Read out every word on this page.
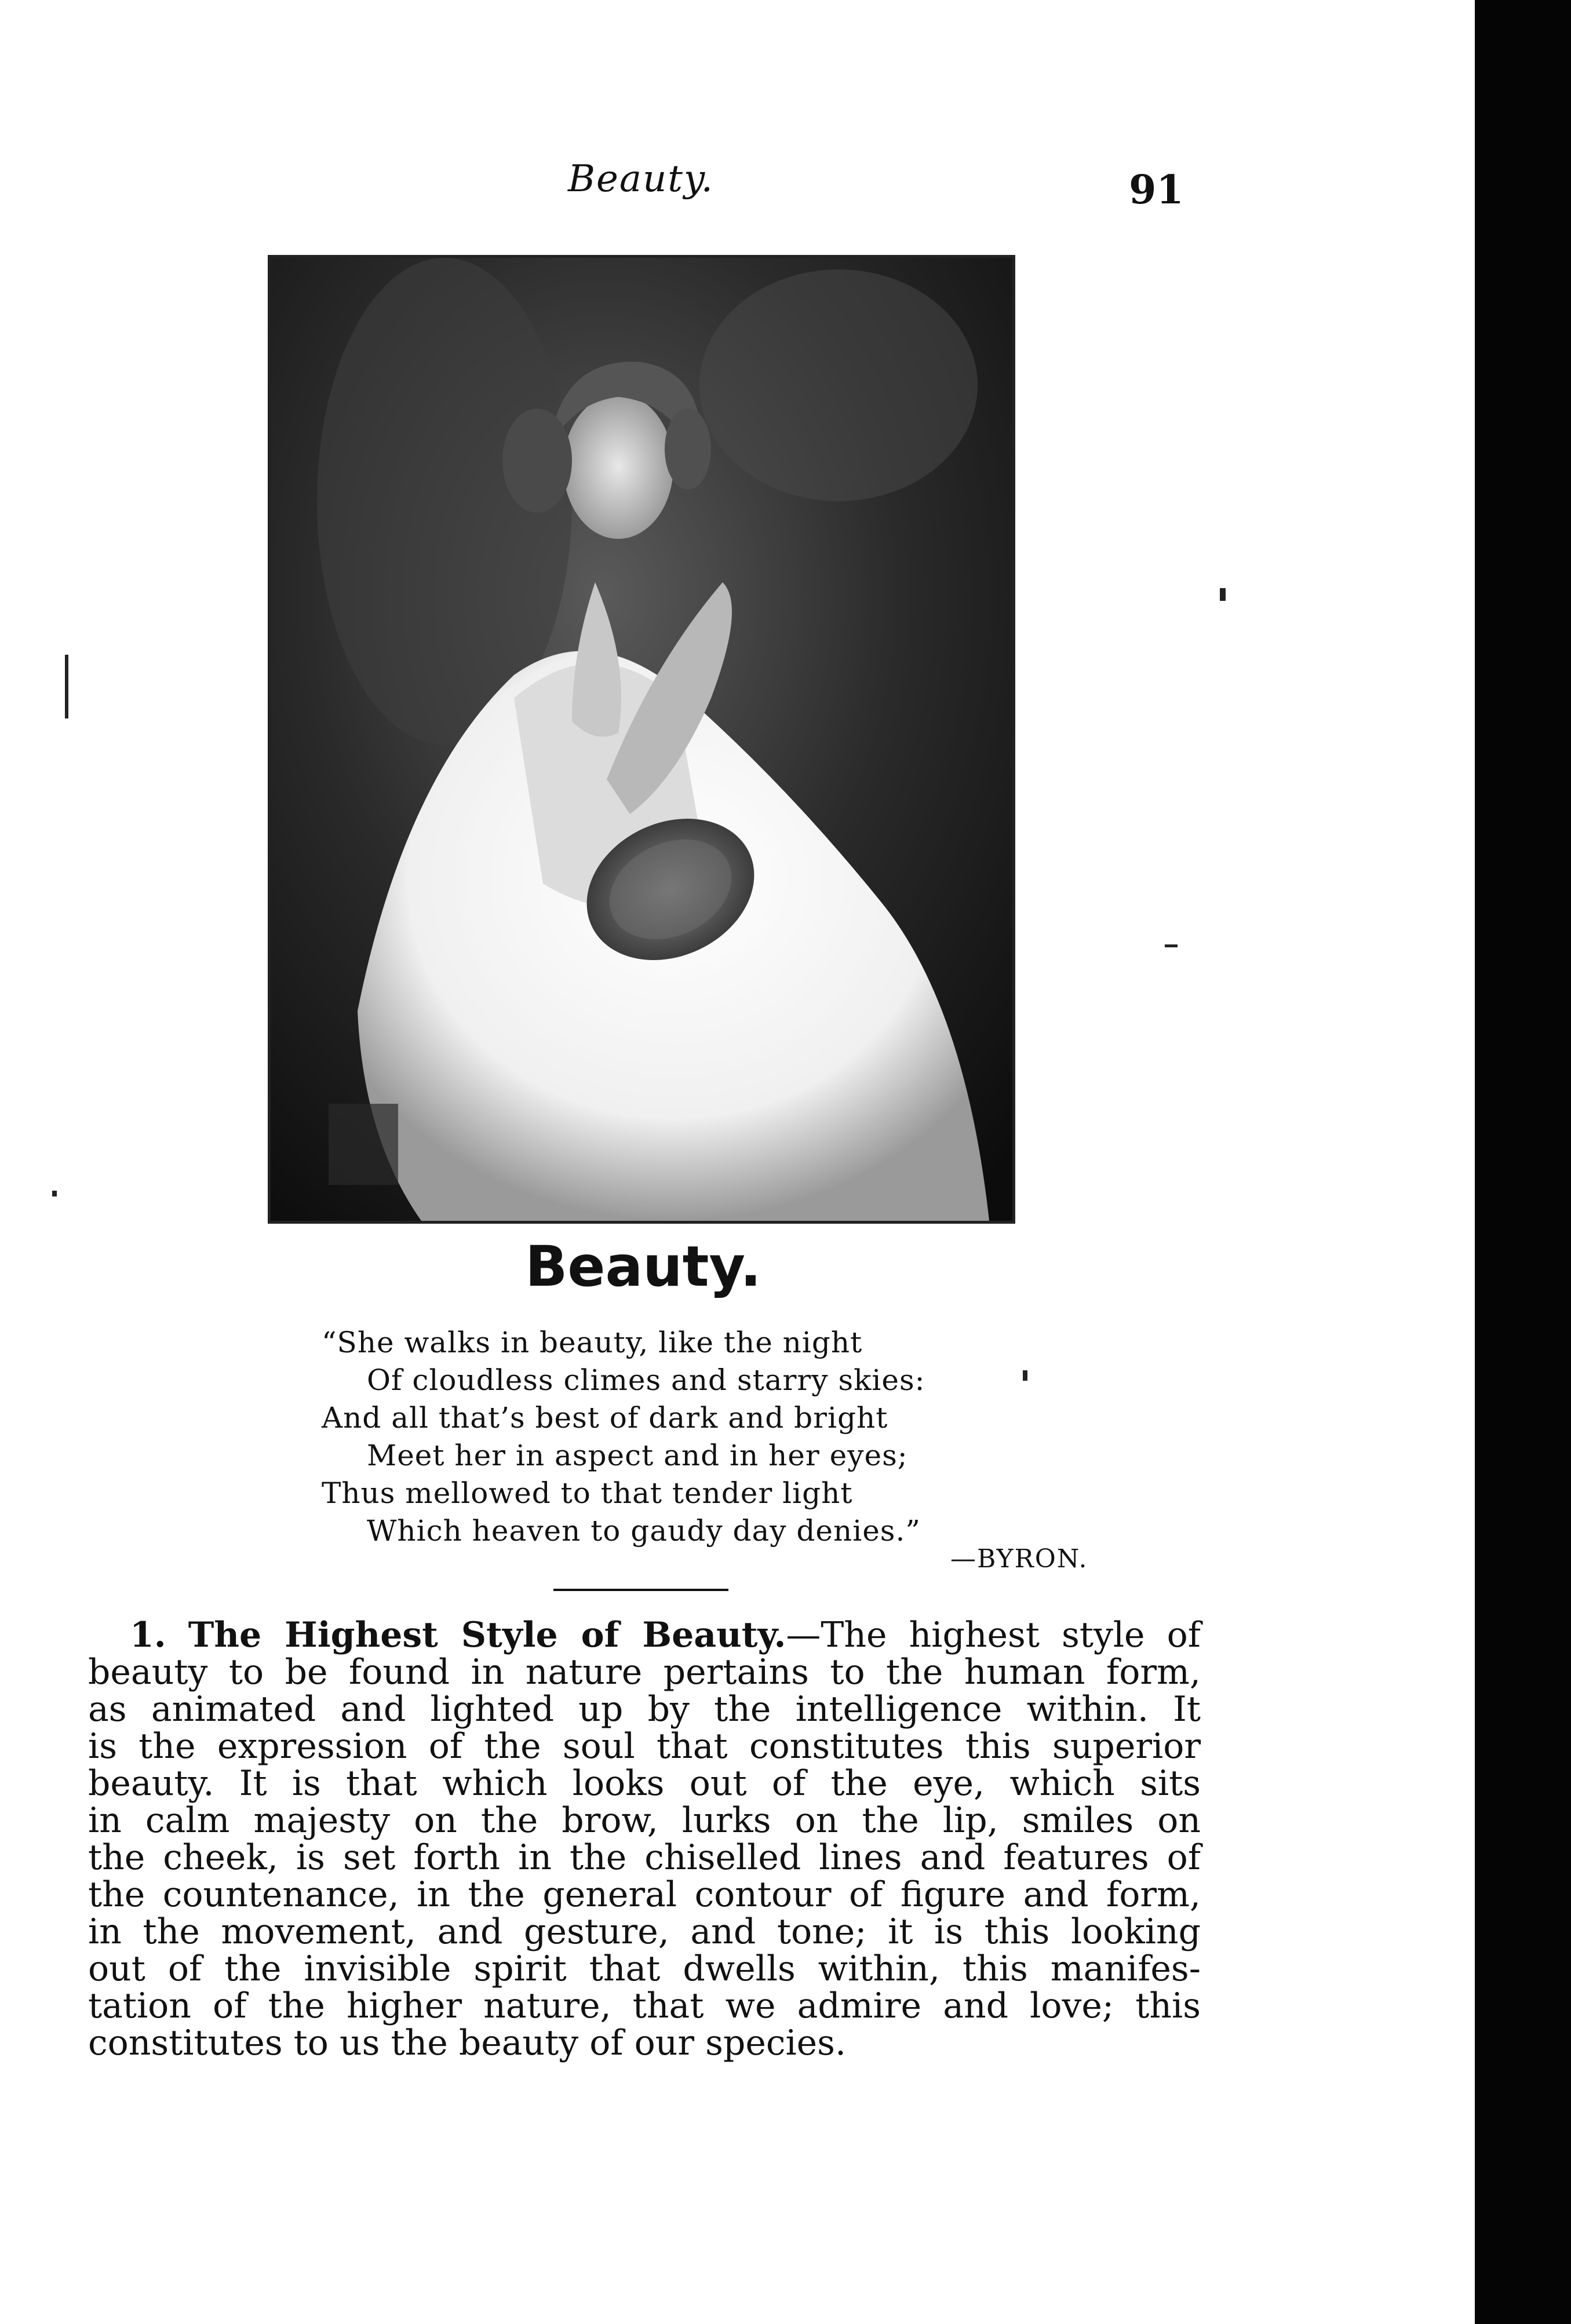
Beauty.	91
Beauty.
“She walks in beauty, like the night
Of cloudless climes and starry skies:
And all that’s best of dark and bright
Meet her in aspect and in her eyes;
Thus mellowed to that tender light
Which heaven to gaudy day denies.”
—BYRON.
1. The Highest Style of Beauty.—The highest style of
beauty to be found in nature pertains to the human form,
as animated and lighted up by the intelligence within. It
is the expression of the soul that constitutes this superior
beauty. It is that which looks out of the eye, which sits
in calm majesty on the brow, lurks on the lip, smiles on
the cheek, is set forth in the chiselled lines and features of
the countenance, in the general contour of figure and form,
in the movement, and gesture, and tone; it is this looking
out of the invisible spirit that dwells within, this manifes-
tation of the higher nature, that we admire and love; this
constitutes to us the beauty of our species.
